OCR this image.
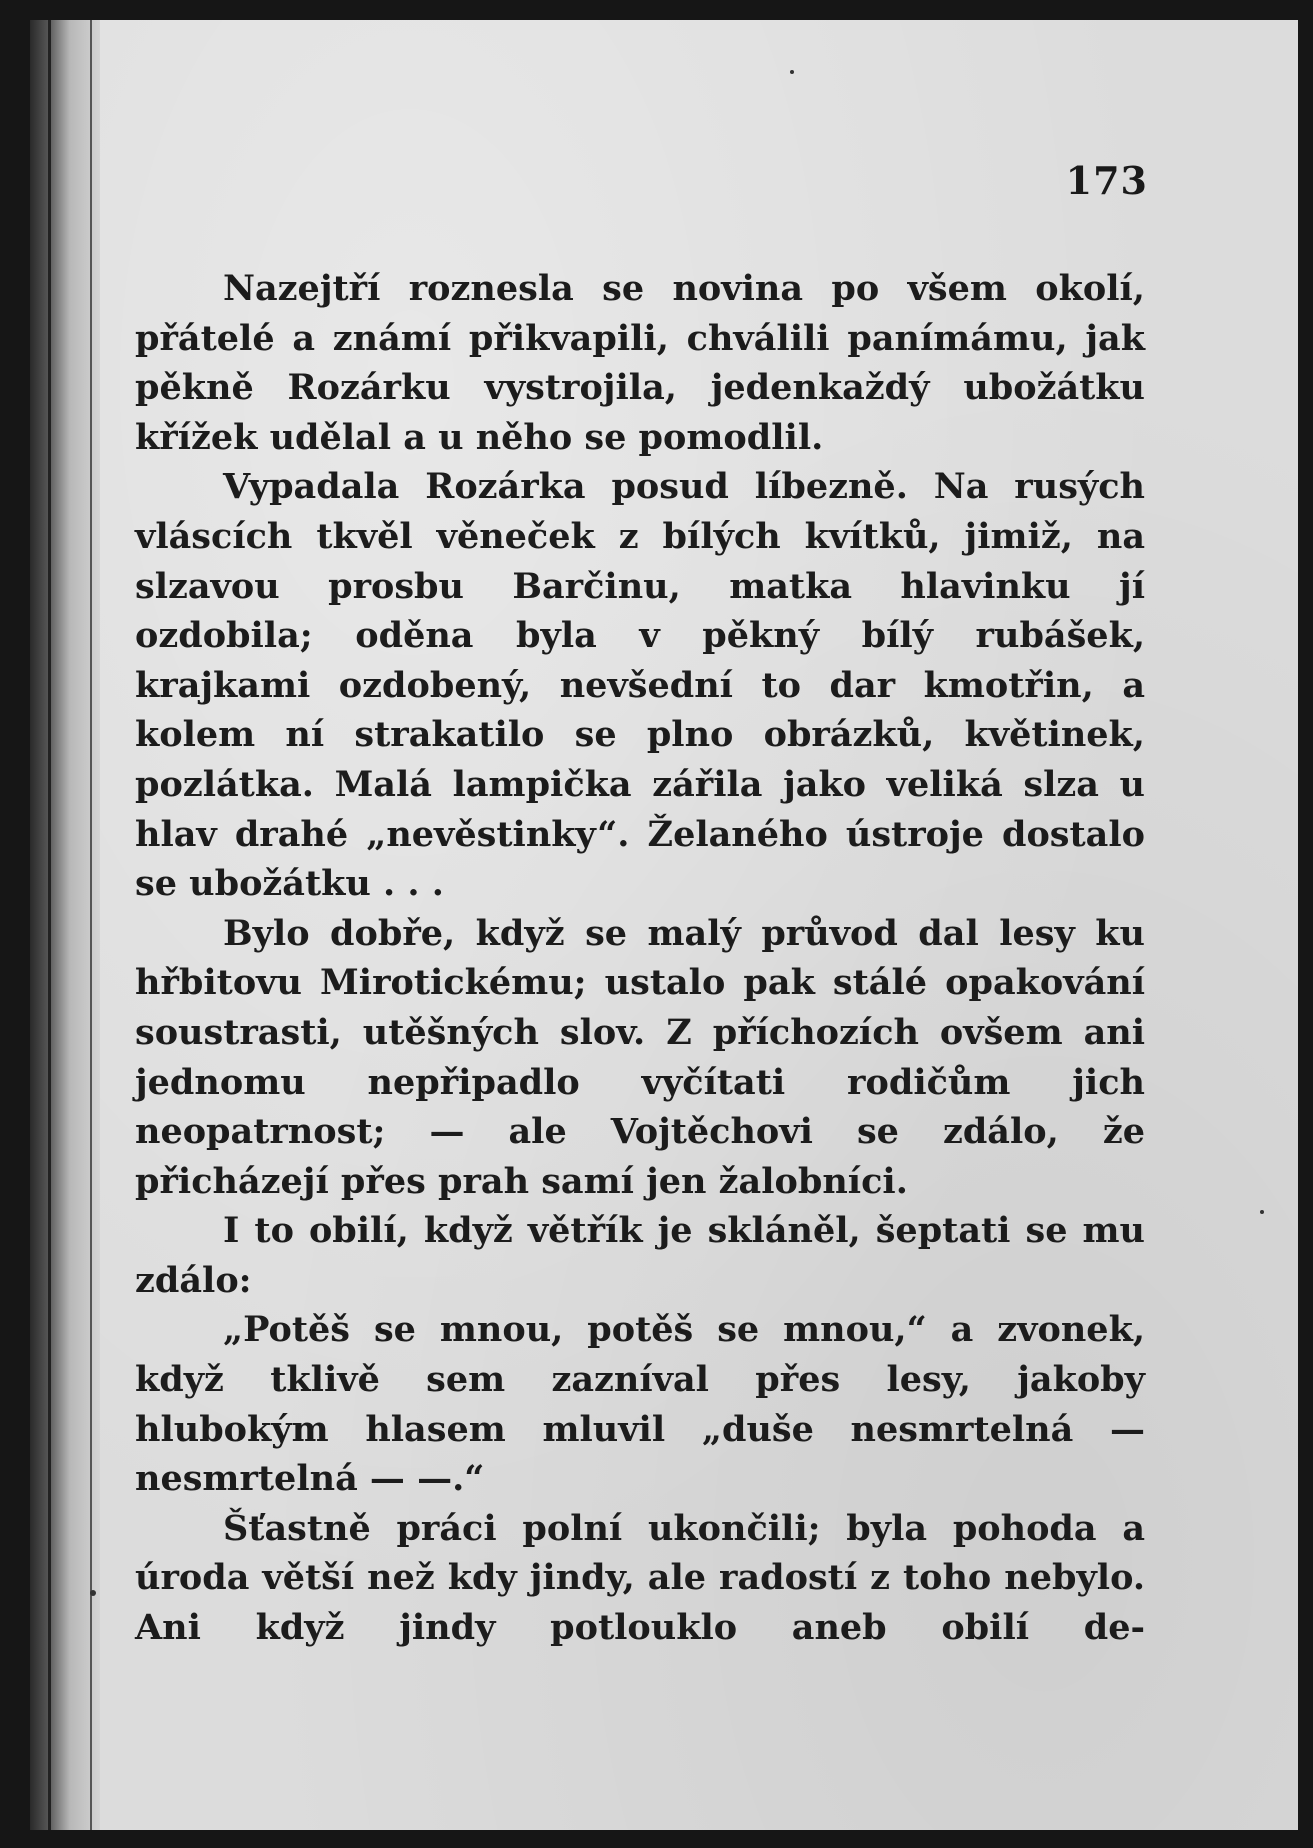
173

Nazejtří roznesla se novina po všem okolí, přátelé a známí přikvapili, chválili panímámu, jak pěkně Rozárku vystrojila, jedenkaždý ubožátku křížek udělal a u něho se pomodlil.

Vypadala Rozárka posud líbezně. Na rusých vláscích tkvěl věneček z bílých kvítků, jimiž, na slzavou prosbu Barčinu, matka hlavinku jí ozdobila; oděna byla v pěkný bílý rubášek, krajkami ozdobený, nevšední to dar kmotřin, a kolem ní strakatilo se plno obrázků, květinek, pozlátka. Malá lampička zářila jako veliká slza u hlav drahé „nevěstinky“. Želaného ústroje dostalo se ubožátku . . .

Bylo dobře, když se malý průvod dal lesy ku hřbitovu Mirotickému; ustalo pak stálé opakování soustrasti, utěšných slov. Z příchozích ovšem ani jednomu nepřipadlo vyčítati rodičům jich neopatrnost; — ale Vojtěchovi se zdálo, že přicházejí přes prah samí jen žalobníci.

I to obilí, když větřík je skláněl, šeptati se mu zdálo:

„Potěš se mnou, potěš se mnou,“ a zvonek, když tklivě sem zazníval přes lesy, jakoby hlubokým hlasem mluvil „duše nesmrtelná — nesmrtelná — —.“

Šťastně práci polní ukončili; byla pohoda a úroda větší než kdy jindy, ale radostí z toho nebylo. Ani když jindy potlouklo aneb obilí de-
